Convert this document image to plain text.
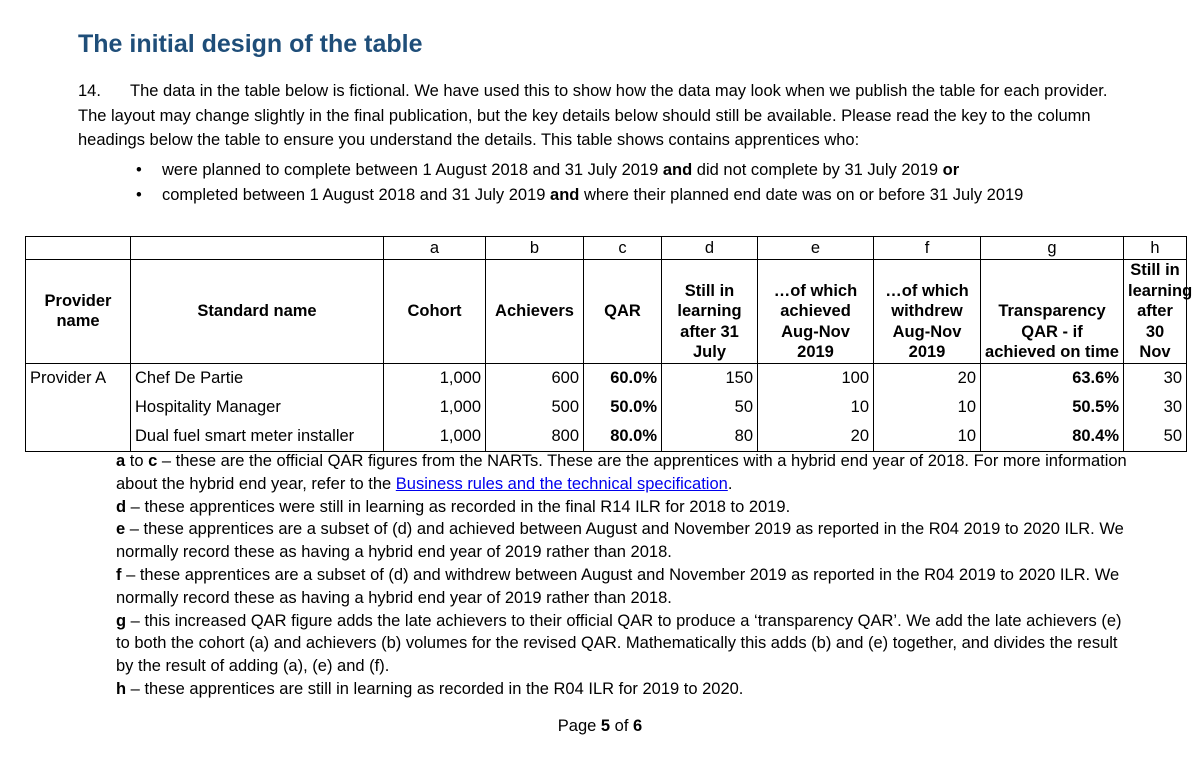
The initial design of the table

14. The data in the table below is fictional. We have used this to show how the data may look when we publish the table for each provider. The layout may change slightly in the final publication, but the key details below should still be available. Please read the key to the column headings below the table to ensure you understand the details. This table shows contains apprentices who:

• were planned to complete between 1 August 2018 and 31 July 2019 and did not complete by 31 July 2019 or
• completed between 1 August 2018 and 31 July 2019 and where their planned end date was on or before 31 July 2019
		a	b	c	d	e	f	g	h
Provider name	Standard name	Cohort	Achievers	QAR	Still in learning after 31 July	…of which achieved Aug-Nov 2019	…of which withdrew Aug-Nov 2019	Transparency QAR - if achieved on time	Still in learning after 30 Nov
Provider A	Chef De Partie	1,000	600	60.0%	150	100	20	63.6%	30
	Hospitality Manager	1,000	500	50.0%	50	10	10	50.5%	30
	Dual fuel smart meter installer	1,000	800	80.0%	80	20	10	80.4%	50
a to c – these are the official QAR figures from the NARTs. These are the apprentices with a hybrid end year of 2018. For more information about the hybrid end year, refer to the Business rules and the technical specification.
d – these apprentices were still in learning as recorded in the final R14 ILR for 2018 to 2019.
e – these apprentices are a subset of (d) and achieved between August and November 2019 as reported in the R04 2019 to 2020 ILR. We normally record these as having a hybrid end year of 2019 rather than 2018.
f – these apprentices are a subset of (d) and withdrew between August and November 2019 as reported in the R04 2019 to 2020 ILR. We normally record these as having a hybrid end year of 2019 rather than 2018.
g – this increased QAR figure adds the late achievers to their official QAR to produce a ‘transparency QAR’. We add the late achievers (e) to both the cohort (a) and achievers (b) volumes for the revised QAR. Mathematically this adds (b) and (e) together, and divides the result by the result of adding (a), (e) and (f).
h – these apprentices are still in learning as recorded in the R04 ILR for 2019 to 2020.
Page 5 of 6
